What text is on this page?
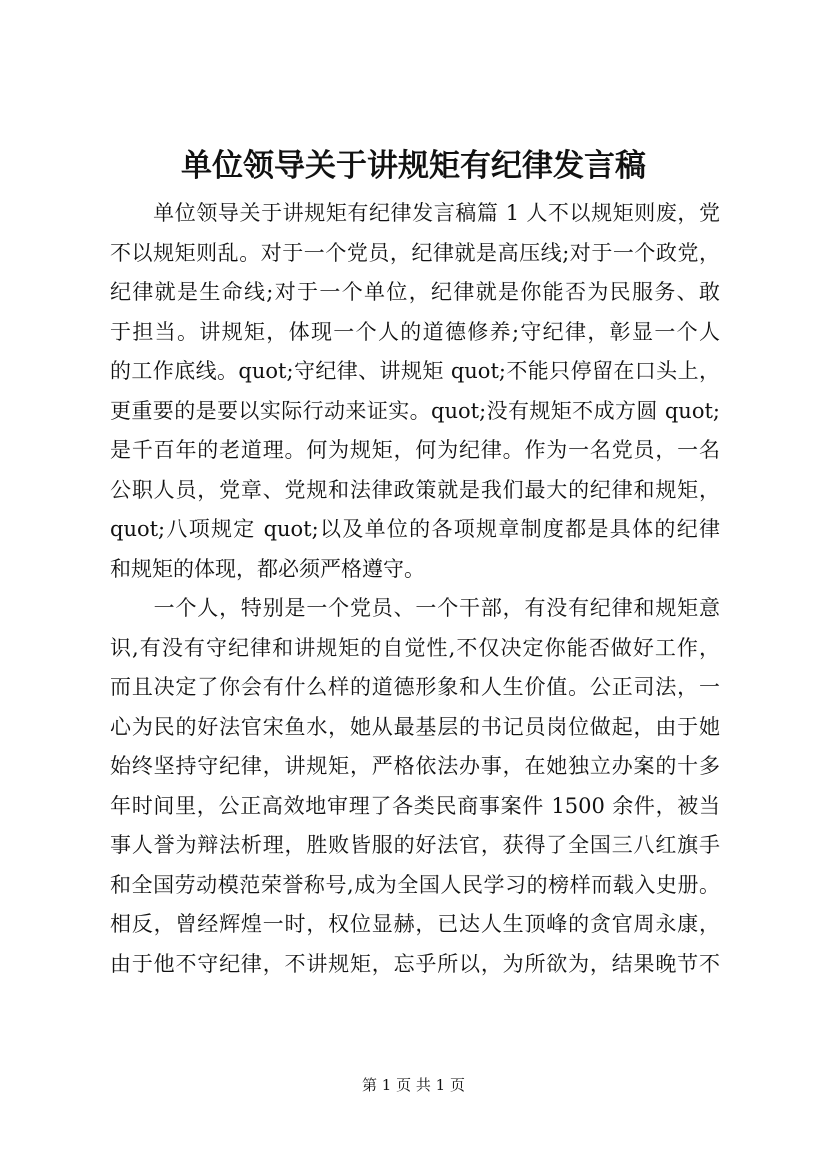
单位领导关于讲规矩有纪律发言稿
　　单位领导关于讲规矩有纪律发言稿篇 1 人不以规矩则废，党
不以规矩则乱。对于一个党员，纪律就是高压线;对于一个政党，
纪律就是生命线;对于一个单位，纪律就是你能否为民服务、敢
于担当。讲规矩，体现一个人的道德修养;守纪律，彰显一个人
的工作底线。quot;守纪律、讲规矩 quot;不能只停留在口头上，
更重要的是要以实际行动来证实。quot;没有规矩不成方圆 quot;
是千百年的老道理。何为规矩，何为纪律。作为一名党员，一名
公职人员，党章、党规和法律政策就是我们最大的纪律和规矩，
quot;八项规定 quot;以及单位的各项规章制度都是具体的纪律
和规矩的体现，都必须严格遵守。
　　一个人，特别是一个党员、一个干部，有没有纪律和规矩意
识,有没有守纪律和讲规矩的自觉性,不仅决定你能否做好工作，
而且决定了你会有什么样的道德形象和人生价值。公正司法，一
心为民的好法官宋鱼水，她从最基层的书记员岗位做起，由于她
始终坚持守纪律，讲规矩，严格依法办事，在她独立办案的十多
年时间里，公正高效地审理了各类民商事案件 1500 余件，被当
事人誉为辩法析理，胜败皆服的好法官，获得了全国三八红旗手
和全国劳动模范荣誉称号,成为全国人民学习的榜样而载入史册。
相反，曾经辉煌一时，权位显赫，已达人生顶峰的贪官周永康，
由于他不守纪律，不讲规矩，忘乎所以，为所欲为，结果晚节不
第 1 页 共 1 页
